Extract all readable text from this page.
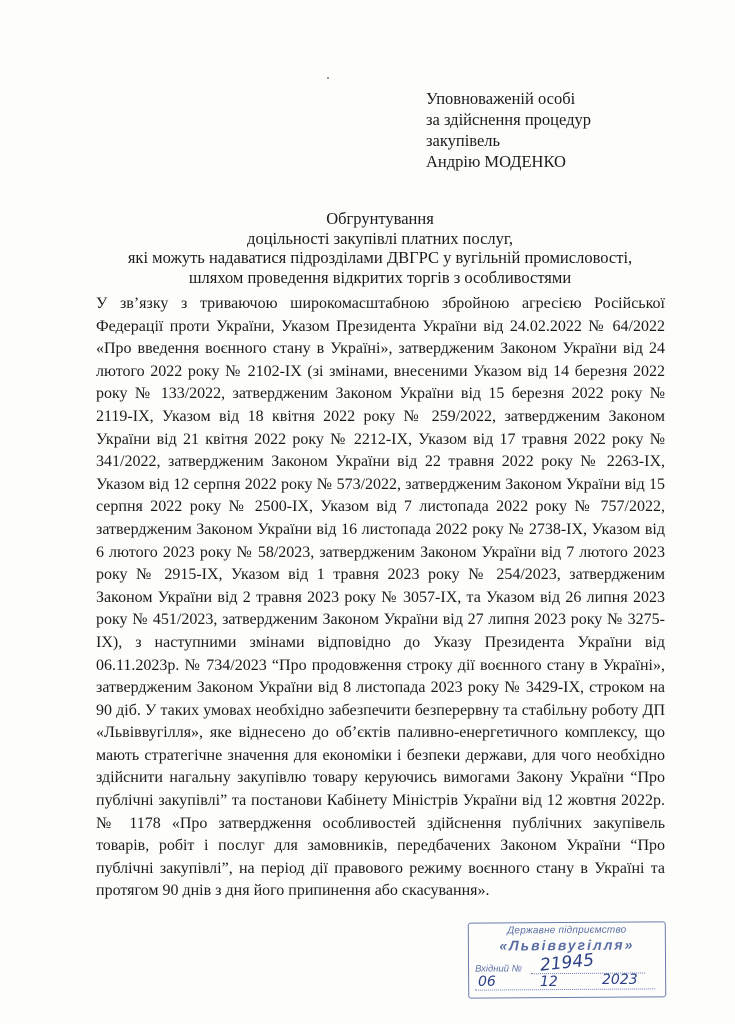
Уповноваженій особі
за здійснення процедур
закупівель
Андрію МОДЕНКО
Обгрунтування
доцільності закупівлі платних послуг,
які можуть надаватися підрозділами ДВГРС у вугільній промисловості,
шляхом проведення відкритих торгів з особливостями

У зв’язку з триваючою широкомасштабною збройною агресією Російської Федерації проти України, Указом Президента України від 24.02.2022 № 64/2022 «Про введення воєнного стану в Україні», затвердженим Законом України від 24 лютого 2022 року № 2102-IX (зі змінами, внесеними Указом від 14 березня 2022 року № 133/2022, затвердженим Законом України від 15 березня 2022 року № 2119-IX, Указом від 18 квітня 2022 року № 259/2022, затвердженим Законом України від 21 квітня 2022 року № 2212-IX, Указом від 17 травня 2022 року № 341/2022, затвердженим Законом України від 22 травня 2022 року № 2263-IX, Указом від 12 серпня 2022 року № 573/2022, затвердженим Законом України від 15 серпня 2022 року № 2500-IX, Указом від 7 листопада 2022 року № 757/2022, затвердженим Законом України від 16 листопада 2022 року № 2738-IX, Указом від 6 лютого 2023 року № 58/2023, затвердженим Законом України від 7 лютого 2023 року № 2915-IX, Указом від 1 травня 2023 року № 254/2023, затвердженим Законом України від 2 травня 2023 року № 3057-IX, та Указом від 26 липня 2023 року № 451/2023, затвердженим Законом України від 27 липня 2023 року № 3275-IX), з наступними змінами відповідно до Указу Президента України від 06.11.2023р. № 734/2023 “Про продовження строку дії воєнного стану в Україні», затвердженим Законом України від 8 листопада 2023 року № 3429-IX, строком на 90 діб. У таких умовах необхідно забезпечити безперервну та стабільну роботу ДП «Львіввугілля», яке віднесено до об’єктів паливно-енергетичного комплексу, що мають стратегічне значення для економіки і безпеки держави, для чого необхідно здійснити нагальну закупівлю товару керуючись вимогами Закону України “Про публічні закупівлі” та постанови Кабінету Міністрів України від 12 жовтня 2022р. № 1178 «Про затвердження особливостей здійснення публічних закупівель товарів, робіт і послуг для замовників, передбачених Законом України “Про публічні закупівлі”, на період дії правового режиму воєнного стану в Україні та протягом 90 днів з дня його припинення або скасування».

Державне підприємство
«Львіввугілля»
Вхідний № 21945
06	12	2023
